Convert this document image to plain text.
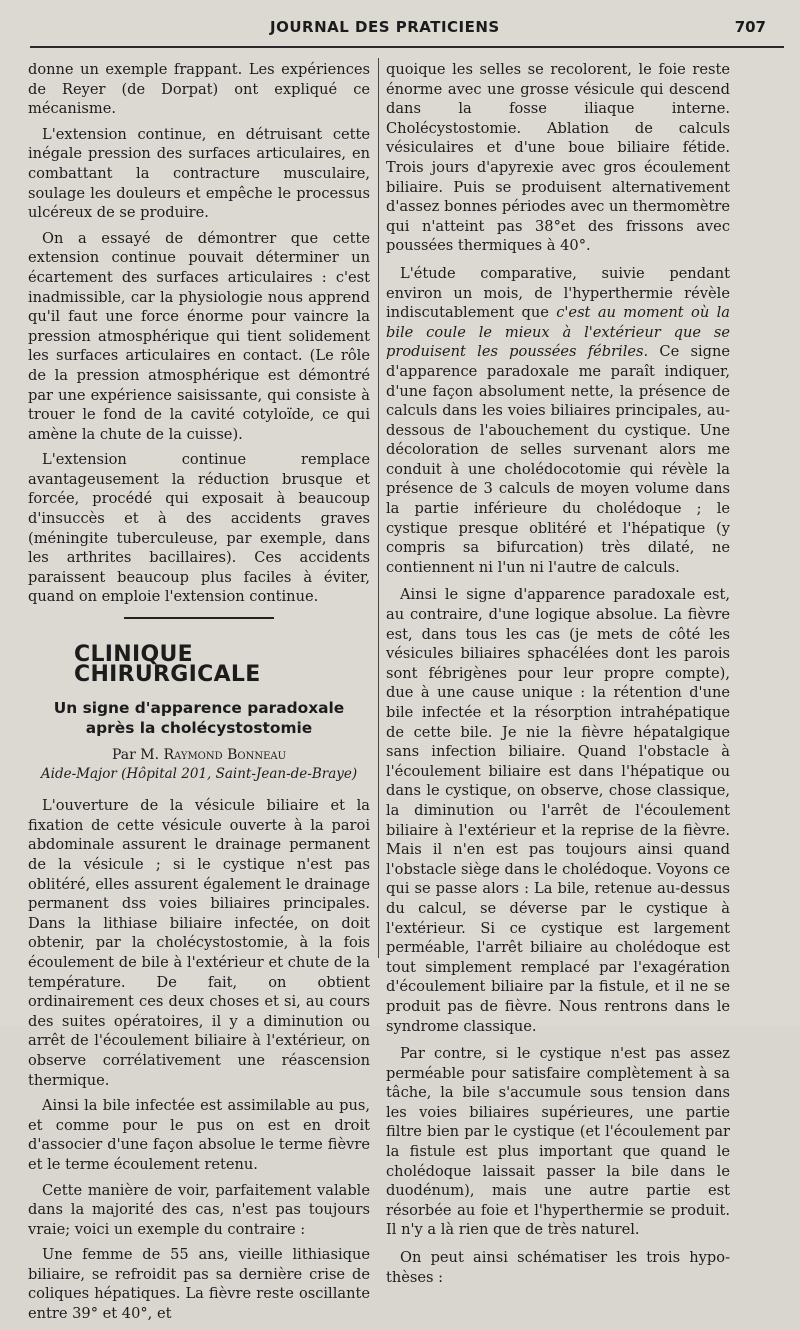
JOURNAL DES PRATICIENS	707

donne un exemple frappant. Les expériences de Reyer (de Dorpat) ont expliqué ce mécanisme.

L'extension continue, en détruisant cette inégale pression des surfaces articulaires, en combattant la contracture musculaire, soulage les douleurs et empêche le processus ulcéreux de se produire.

On a essayé de démontrer que cette extension continue pouvait déterminer un écartement des surfaces articulaires : c'est inadmissible, car la physiologie nous apprend qu'il faut une force énorme pour vaincre la pression atmosphérique qui tient solidement les surfaces articulaires en contact. (Le rôle de la pression atmosphérique est démontré par une expérience saisissante, qui consiste à trouer le fond de la cavité cotyloïde, ce qui amène la chute de la cuisse).

L'extension continue remplace avantageusement la réduction brusque et forcée, procédé qui exposait à beaucoup d'insuccès et à des accidents graves (méningite tuberculeuse, par exemple, dans les arthrites bacillaires). Ces accidents paraissent beaucoup plus faciles à éviter, quand on emploie l'extension continue.

CLINIQUE CHIRURGICALE
Un signe d'apparence paradoxale
après la cholécystostomie

Par M. Raymond Bonneau

Aide-Major (Hôpital 201, Saint-Jean-de-Braye)

L'ouverture de la vésicule biliaire et la fixation de cette vésicule ouverte à la paroi abdominale assurent le drainage permanent de la vésicule ; si le cystique n'est pas oblitéré, elles assurent également le drainage permanent dss voies biliaires principales. Dans la lithiase biliaire infectée, on doit obtenir, par la cholécystostomie, à la fois écoulement de bile à l'extérieur et chute de la température. De fait, on obtient ordinairement ces deux choses et si, au cours des suites opératoires, il y a diminution ou arrêt de l'écoulement biliaire à l'extérieur, on observe corrélativement une réascension thermique.

Ainsi la bile infectée est assimilable au pus, et comme pour le pus on est en droit d'associer d'une façon absolue le terme fièvre et le terme écoulement retenu.

Cette manière de voir, parfaitement valable dans la majorité des cas, n'est pas toujours vraie; voici un exemple du contraire :

Une femme de 55 ans, vieille lithiasique biliaire, se refroidit pas sa dernière crise de coliques hépatiques. La fièvre reste oscillante entre 39° et 40°, et

quoique les selles se recolorent, le foie reste énorme avec une grosse vésicule qui descend dans la fosse iliaque interne. Cholécystostomie. Ablation de calculs vésiculaires et d'une boue biliaire fétide. Trois jours d'apyrexie avec gros écoulement biliaire. Puis se produisent alternativement d'assez bonnes périodes avec un thermomètre qui n'atteint pas 38°et des frissons avec poussées thermiques à 40°.

L'étude comparative, suivie pendant environ un mois, de l'hyperthermie révèle indiscutablement que c'est au moment où la bile coule le mieux à l'extérieur que se produisent les poussées fébriles. Ce signe d'apparence paradoxale me paraît indiquer, d'une façon absolument nette, la présence de calculs dans les voies biliaires principales, au-dessous de l'abouchement du cystique. Une décoloration de selles survenant alors me conduit à une cholédocotomie qui révèle la présence de 3 calculs de moyen volume dans la partie inférieure du cholédoque ; le cystique presque oblitéré et l'hépatique (y compris sa bifurcation) très dilaté, ne contiennent ni l'un ni l'autre de calculs.

Ainsi le signe d'apparence paradoxale est, au contraire, d'une logique absolue. La fièvre est, dans tous les cas (je mets de côté les vésicules biliaires sphacélées dont les parois sont fébrigènes pour leur propre compte), due à une cause unique : la rétention d'une bile infectée et la résorption intrahépatique de cette bile. Je nie la fièvre hépatalgique sans infection biliaire. Quand l'obstacle à l'écoulement biliaire est dans l'hépatique ou dans le cystique, on observe, chose classique, la diminution ou l'arrêt de l'écoulement biliaire à l'extérieur et la reprise de la fièvre. Mais il n'en est pas toujours ainsi quand l'obstacle siège dans le cholédoque. Voyons ce qui se passe alors : La bile, retenue au-dessus du calcul, se déverse par le cystique à l'extérieur. Si ce cystique est largement perméable, l'arrêt biliaire au cholédoque est tout simplement remplacé par l'exagération d'écoulement biliaire par la fistule, et il ne se produit pas de fièvre. Nous rentrons dans le syndrome classique.

Par contre, si le cystique n'est pas assez perméable pour satisfaire complètement à sa tâche, la bile s'accumule sous tension dans les voies biliaires supérieures, une partie filtre bien par le cystique (et l'écoulement par la fistule est plus important que quand le cholédoque laissait passer la bile dans le duodénum), mais une autre partie est résorbée au foie et l'hyperthermie se produit. Il n'y a là rien que de très naturel.

On peut ainsi schématiser les trois hypothèses :
